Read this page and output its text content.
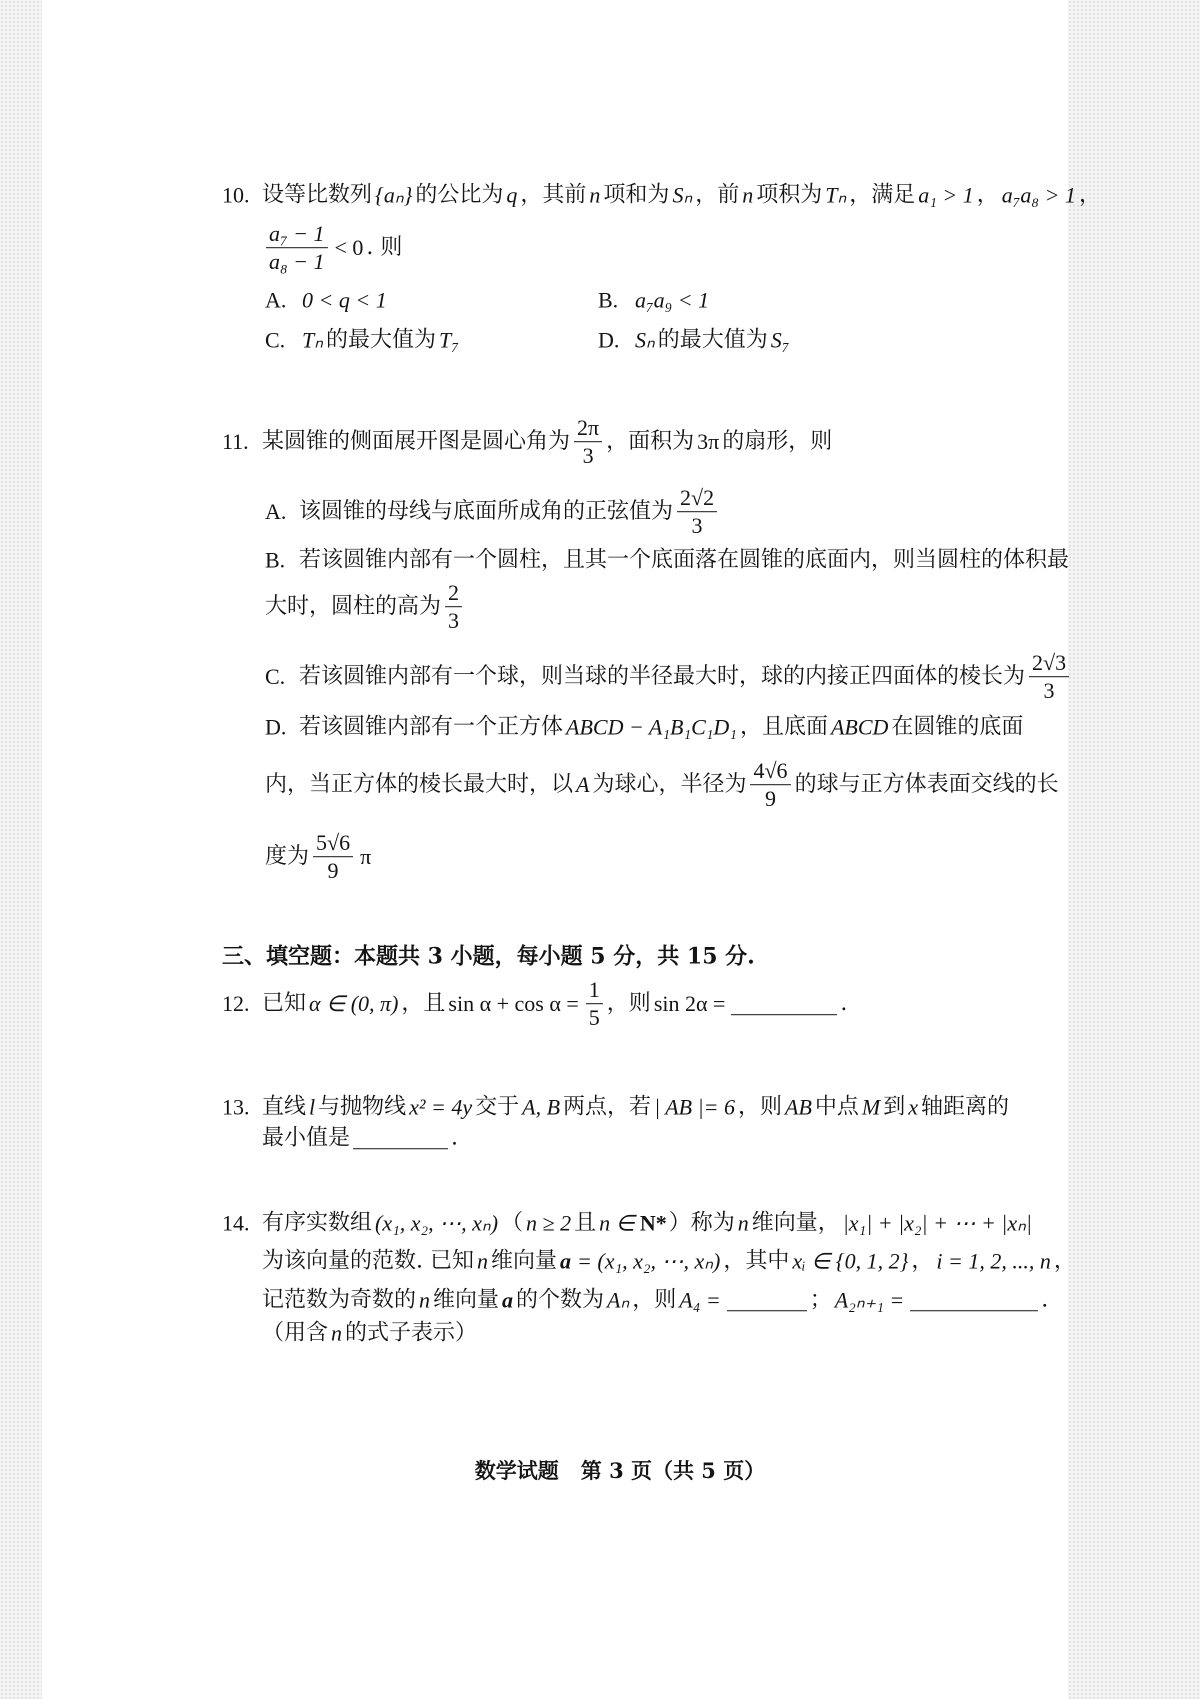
10. 设等比数列 {aₙ} 的公比为 q ，其前 n 项和为 Sₙ ，前 n 项积为 Tₙ ，满足 a₁ > 1 ， a₇a₈ > 1 ，
$\frac{\text{a₇ − 1}}{\text{a₈ − 1}} < 0$ . 则
A. 0 < q < 1	B. a₇a₉ < 1
C. Tₙ 的最大值为 T₇	D. Sₙ 的最大值为 S₇
11. 某圆锥的侧面展开图是圆心角为 $\frac{2\pi}{3}$ ，面积为 3π 的扇形，则
A. 该圆锥的母线与底面所成角的正弦值为 $\frac{2√2}{3}$
B. 若该圆锥内部有一个圆柱，且其一个底面落在圆锥的底面内，则当圆柱的体积最
大时，圆柱的高为 $\frac{2}{3}$
C. 若该圆锥内部有一个球，则当球的半径最大时，球的内接正四面体的棱长为 $\frac{2√3}{3}$
D. 若该圆锥内部有一个正方体 ABCD − A₁B₁C₁D₁ ，且底面 ABCD 在圆锥的底面
内，当正方体的棱长最大时，以 A 为球心，半径为 $\frac{4√6}{9}$ 的球与正方体表面交线的长
度为 $\frac{5√6}{9}$ π
三、填空题：本题共 3 小题，每小题 5 分，共 15 分.
12. 已知 α ∈ (0, π) ，且 $\sin \alpha + \cos \alpha = \frac{1}{5}$ ，则 sin 2α =	.
13. 直线 l 与抛物线 x² = 4y 交于 A, B 两点，若 | AB |= 6 ，则 AB 中点 M 到 x 轴距离的
最小值是	.
14. 有序实数组 (x₁, x₂, ⋯, xₙ) （ n ≥ 2 且 n ∈ N* ）称为 n 维向量， |x₁| + |x₂| + ⋯ + |xₙ|
为该向量的范数. 已知 n 维向量 a = (x₁, x₂, ⋯, xₙ) ，其中 xᵢ ∈ {0, 1, 2} ， i = 1, 2, ..., n ，
记范数为奇数的 n 维向量 a 的个数为 Aₙ ，则 A₄ =	； A₂ₙ₊₁ =	.
（用含 n 的式子表示）
数学试题 第 3 页（共 5 页）
